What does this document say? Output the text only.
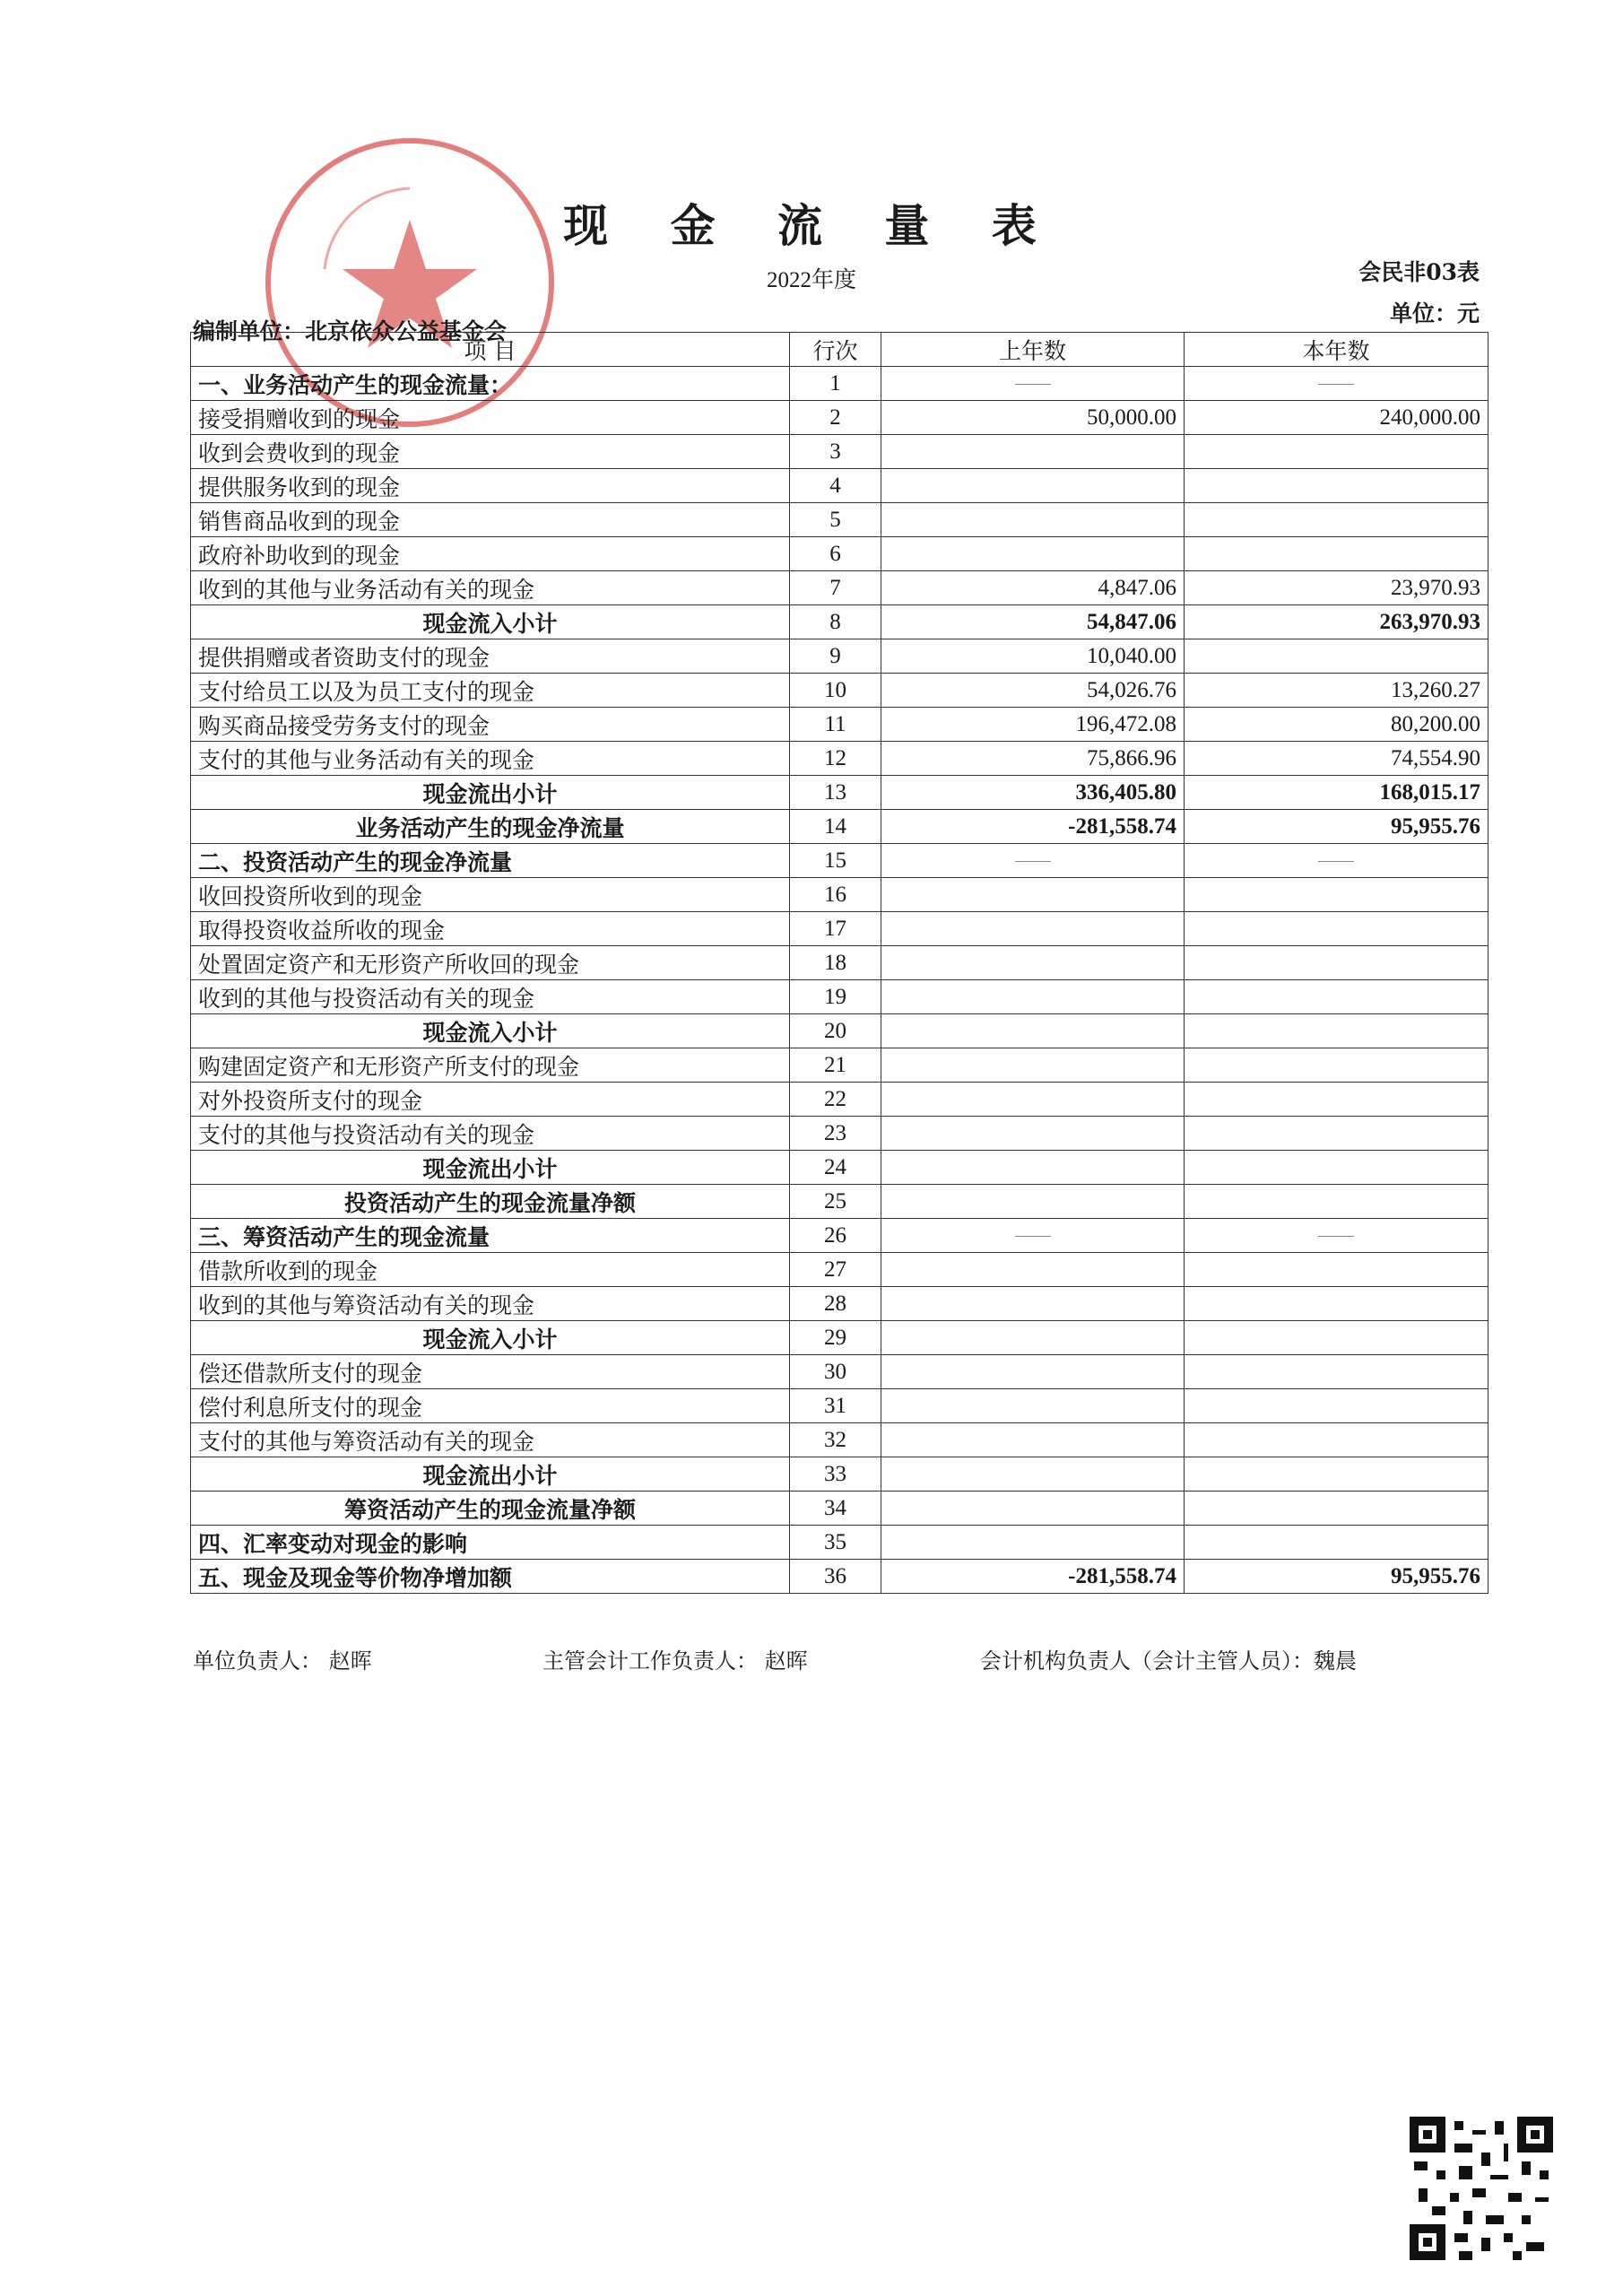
现 金 流 量 表
2022年度	会民非03表
单位：元
编制单位：北京依众公益基金会
项 目	行次	上年数	本年数
一、业务活动产生的现金流量：	1		
接受捐赠收到的现金	2	50,000.00	240,000.00
收到会费收到的现金	3		
提供服务收到的现金	4		
销售商品收到的现金	5		
政府补助收到的现金	6		
收到的其他与业务活动有关的现金	7	4,847.06	23,970.93
现金流入小计	8	54,847.06	263,970.93
提供捐赠或者资助支付的现金	9	10,040.00	
支付给员工以及为员工支付的现金	10	54,026.76	13,260.27
购买商品接受劳务支付的现金	11	196,472.08	80,200.00
支付的其他与业务活动有关的现金	12	75,866.96	74,554.90
现金流出小计	13	336,405.80	168,015.17
业务活动产生的现金净流量	14	-281,558.74	95,955.76
二、投资活动产生的现金净流量	15		
收回投资所收到的现金	16		
取得投资收益所收的现金	17		
处置固定资产和无形资产所收回的现金	18		
收到的其他与投资活动有关的现金	19		
现金流入小计	20		
购建固定资产和无形资产所支付的现金	21		
对外投资所支付的现金	22		
支付的其他与投资活动有关的现金	23		
现金流出小计	24		
投资活动产生的现金流量净额	25		
三、筹资活动产生的现金流量	26		
借款所收到的现金	27		
收到的其他与筹资活动有关的现金	28		
现金流入小计	29		
偿还借款所支付的现金	30		
偿付利息所支付的现金	31		
支付的其他与筹资活动有关的现金	32		
现金流出小计	33		
筹资活动产生的现金流量净额	34		
四、汇率变动对现金的影响	35		
五、现金及现金等价物净增加额	36	-281,558.74	95,955.76
单位负责人： 赵晖	主管会计工作负责人： 赵晖	会计机构负责人（会计主管人员）：魏晨
